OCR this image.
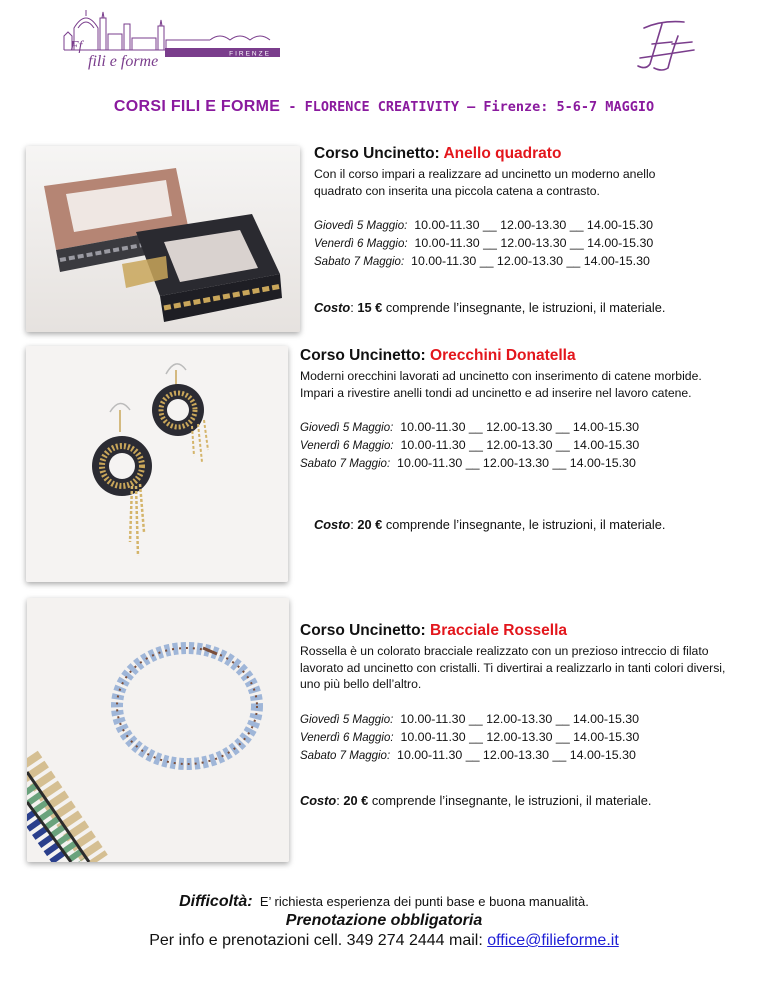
FIRENZE
Ff
fili e forme
CORSI FILI E FORME - FLORENCE CREATIVITY – Firenze: 5-6-7 MAGGIO
Corso Uncinetto: Anello quadrato
Con il corso impari a realizzare ad uncinetto un moderno anello quadrato con inserita una piccola catena a contrasto.
Giovedì 5 Maggio: 10.00-11.30 __ 12.00-13.30 __ 14.00-15.30
Venerdì 6 Maggio: 10.00-11.30 __ 12.00-13.30 __ 14.00-15.30
Sabato 7 Maggio: 10.00-11.30 __ 12.00-13.30 __ 14.00-15.30
Costo: 15 € comprende l’insegnante, le istruzioni, il materiale.
Corso Uncinetto: Orecchini Donatella
Moderni orecchini lavorati ad uncinetto con inserimento di catene morbide. Impari a rivestire anelli tondi ad uncinetto e ad inserire nel lavoro catene.
Giovedì 5 Maggio: 10.00-11.30 __ 12.00-13.30 __ 14.00-15.30
Venerdì 6 Maggio: 10.00-11.30 __ 12.00-13.30 __ 14.00-15.30
Sabato 7 Maggio: 10.00-11.30 __ 12.00-13.30 __ 14.00-15.30
Costo: 20 € comprende l’insegnante, le istruzioni, il materiale.
Corso Uncinetto: Bracciale Rossella
Rossella è un colorato bracciale realizzato con un prezioso intreccio di filato lavorato ad uncinetto con cristalli. Ti divertirai a realizzarlo in tanti colori diversi, uno più bello dell’altro.
Giovedì 5 Maggio: 10.00-11.30 __ 12.00-13.30 __ 14.00-15.30
Venerdì 6 Maggio: 10.00-11.30 __ 12.00-13.30 __ 14.00-15.30
Sabato 7 Maggio: 10.00-11.30 __ 12.00-13.30 __ 14.00-15.30
Costo: 20 € comprende l’insegnante, le istruzioni, il materiale.
Difficoltà: E’ richiesta esperienza dei punti base e buona manualità.
Prenotazione obbligatoria
Per info e prenotazioni cell. 349 274 2444 mail: office@filieforme.it
